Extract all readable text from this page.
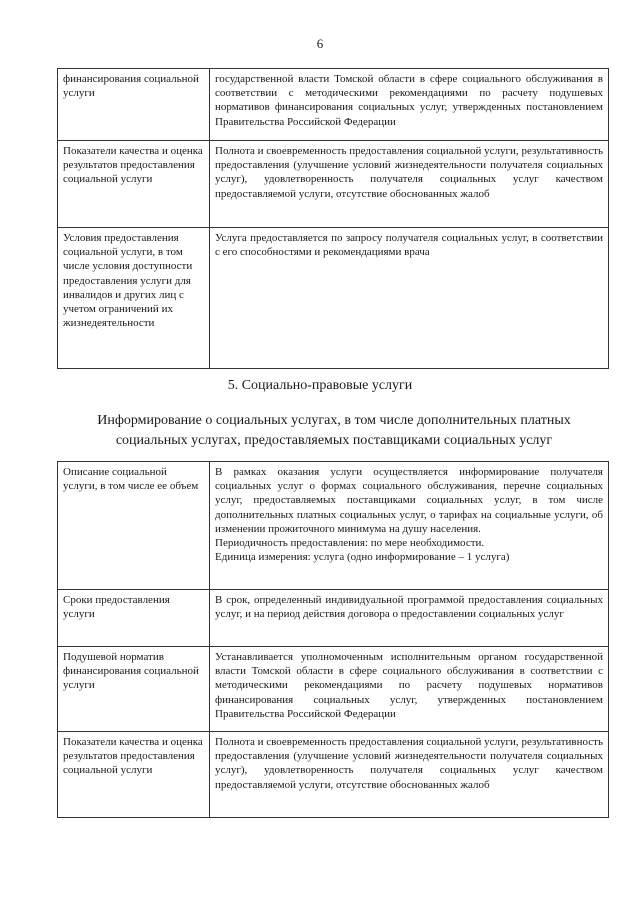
6
финансирования социальной услуги	государственной власти Томской области в сфере социального обслуживания в соответствии с методическими рекомендациями по расчету подушевых нормативов финансирования социальных услуг, утвержденных постановлением Правительства Российской Федерации
Показатели качества и оценка результатов предоставления социальной услуги	Полнота и своевременность предоставления социальной услуги, результативность предоставления (улучшение условий жизнедеятельности получателя социальных услуг), удовлетворенность получателя социальных услуг качеством предоставляемой услуги, отсутствие обоснованных жалоб
Условия предоставления социальной услуги, в том числе условия доступности предоставления услуги для инвалидов и других лиц с учетом ограничений их жизнедеятельности	Услуга предоставляется по запросу получателя социальных услуг, в соответствии с его способностями и рекомендациями врача
5. Социально-правовые услуги
Информирование о социальных услугах, в том числе дополнительных платных
социальных услугах, предоставляемых поставщиками социальных услуг
Описание социальной услуги, в том числе ее объем	В рамках оказания услуги осуществляется информирование получателя социальных услуг о формах социального обслуживания, перечне социальных услуг, предоставляемых поставщиками социальных услуг, в том числе дополнительных платных социальных услуг, о тарифах на социальные услуги, об изменении прожиточного минимума на душу населения.
Периодичность предоставления: по мере необходимости.
Единица измерения: услуга (одно информирование – 1 услуга)

Сроки предоставления услуги	В срок, определенный индивидуальной программой предоставления социальных услуг, и на период действия договора о предоставлении социальных услуг
Подушевой норматив финансирования социальной услуги	Устанавливается уполномоченным исполнительным органом государственной власти Томской области в сфере социального обслуживания в соответствии с методическими рекомендациями по расчету подушевых нормативов финансирования социальных услуг, утвержденных постановлением Правительства Российской Федерации
Показатели качества и оценка результатов предоставления социальной услуги	Полнота и своевременность предоставления социальной услуги, результативность предоставления (улучшение условий жизнедеятельности получателя социальных услуг), удовлетворенность получателя социальных услуг качеством предоставляемой услуги, отсутствие обоснованных жалоб
